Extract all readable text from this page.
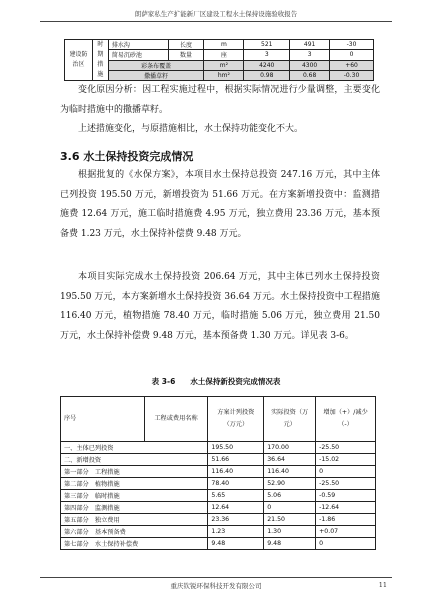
朗萨家私生产扩能新厂区建设工程水土保持设施验收报告
建设防治区	时期措施	排水沟	长度	m	521	491	-30
		简易沉砂池	数量	座	3	3	0
		彩条布覆盖		m²	4240	4300	+60
		撒播草籽		hm²	0.98	0.68	-0.30
变化原因分析：因工程实施过程中，根据实际情况进行少量调整，主要变化为临时措施中的撒播草籽。
上述措施变化，与原措施相比，水土保持功能变化不大。
3.6 水土保持投资完成情况
根据批复的《水保方案》，本项目水土保持总投资 247.16 万元，其中主体已列投资 195.50 万元，新增投资为 51.66 万元。在方案新增投资中：监测措施费 12.64 万元，施工临时措施费 4.95 万元，独立费用 23.36 万元，基本预备费 1.23 万元，水土保持补偿费 9.48 万元。
本项目实际完成水土保持投资 206.64 万元，其中主体已列水土保持投资 195.50 万元，本方案新增水土保持投资 36.64 万元。水土保持投资中工程措施 116.40 万元，植物措施 78.40 万元，临时措施 5.06 万元，独立费用 21.50 万元，水土保持补偿费 9.48 万元，基本预备费 1.30 万元。详见表 3-6。
表 3-6　　水土保持新投资完成情况表
序号	工程或费用名称	方案计列投资（万元）	实际投资（万元）	增加（+）/减少（-）
一、主体已列投资		195.50	170.00	-25.50
二、新增投资		51.66	36.64	-15.02
第一部分　工程措施		116.40	116.40	0
第二部分　植物措施		78.40	52.90	-25.50
第三部分　临时措施		5.65	5.06	-0.59
第四部分　监测措施		12.64	0	-12.64
第五部分　独立费用		23.36	21.50	-1.86
第六部分　基本预备费		1.23	1.30	+0.07
第七部分　水土保持补偿费		9.48	9.48	0
重庆钦锐环保科技开发有限公司	11
